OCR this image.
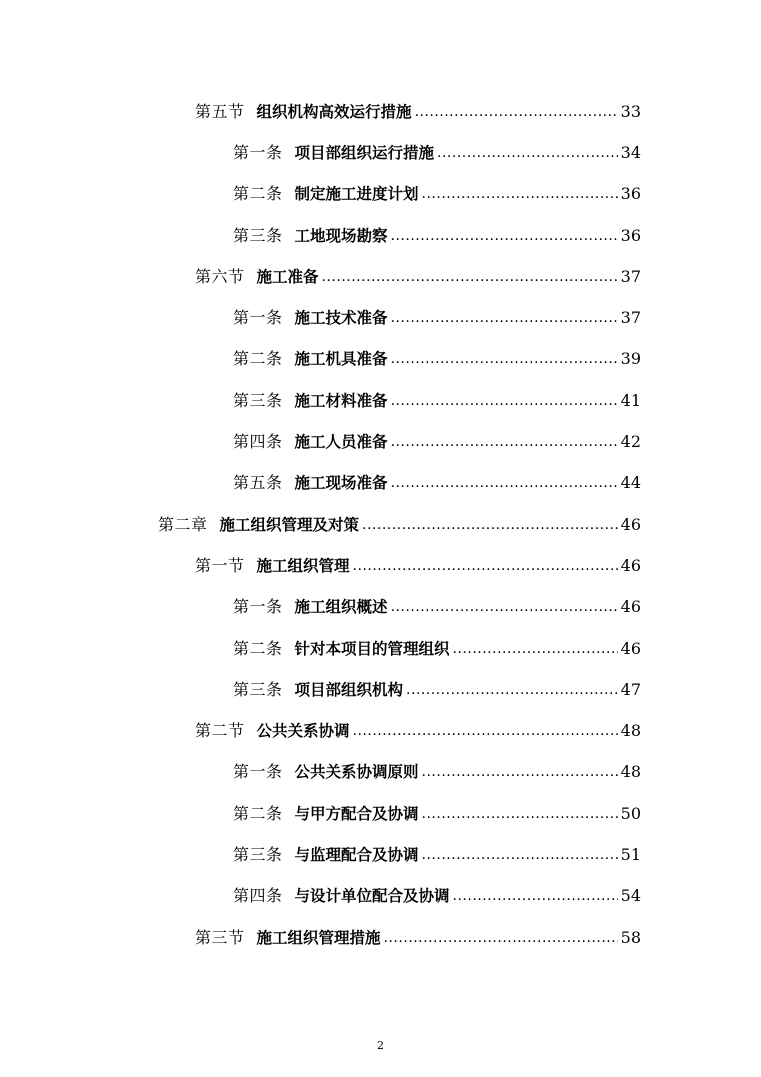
第五节 组织机构高效运行措施 .....	33
第一条 项目部组织运行措施 .....	34
第二条 制定施工进度计划 .....	36
第三条 工地现场勘察 .....	36
第六节 施工准备 .....	37
第一条 施工技术准备 .....	37
第二条 施工机具准备 .....	39
第三条 施工材料准备 .....	41
第四条 施工人员准备 .....	42
第五条 施工现场准备 .....	44
第二章 施工组织管理及对策 .....	46
第一节 施工组织管理 .....	46
第一条 施工组织概述 .....	46
第二条 针对本项目的管理组织 .....	46
第三条 项目部组织机构 .....	47
第二节 公共关系协调 .....	48
第一条 公共关系协调原则 .....	48
第二条 与甲方配合及协调 .....	50
第三条 与监理配合及协调 .....	51
第四条 与设计单位配合及协调 .....	54
第三节 施工组织管理措施 .....	58
2
